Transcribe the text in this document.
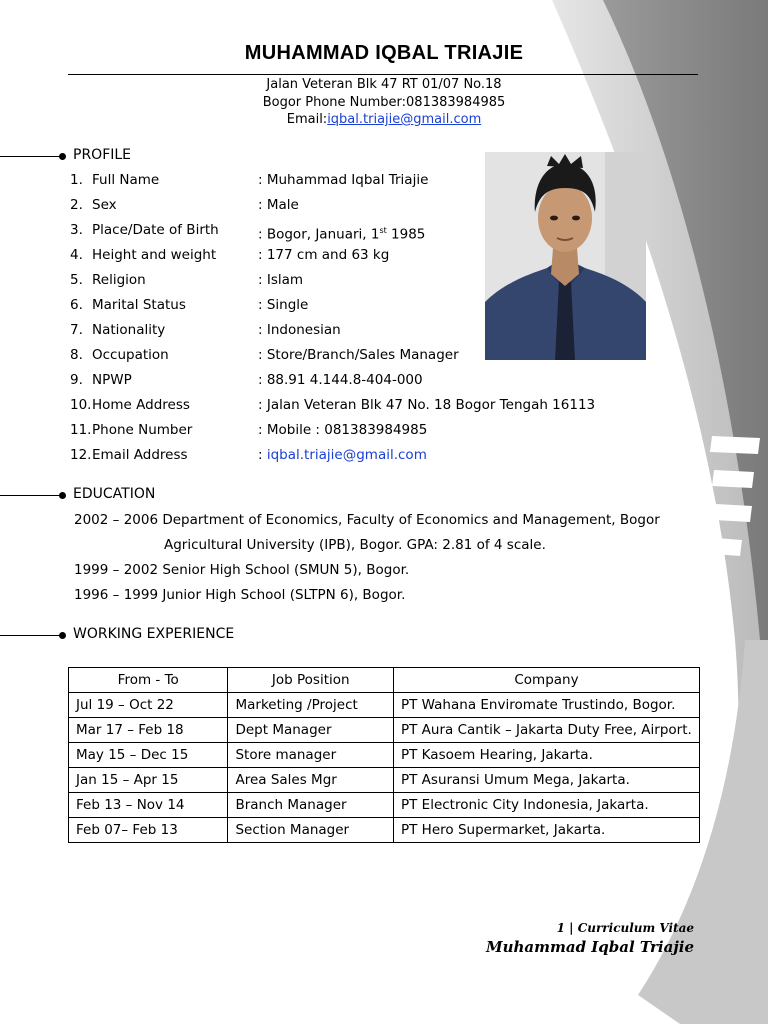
MUHAMMAD IQBAL TRIAJIE
Jalan Veteran Blk 47 RT 01/07 No.18
Bogor Phone Number:081383984985
Email:iqbal.triajie@gmail.com
PROFILE
1. Full Name	: Muhammad Iqbal Triajie
2. Sex	: Male
3. Place/Date of Birth	: Bogor, Januari, 1st 1985
4. Height and weight	: 177 cm and 63 kg
5. Religion	: Islam
6. Marital Status	: Single
7. Nationality	: Indonesian
8. Occupation	: Store/Branch/Sales Manager
9. NPWP	: 88.91 4.144.8-404-000
10. Home Address	: Jalan Veteran Blk 47 No. 18 Bogor Tengah 16113
11. Phone Number	: Mobile : 081383984985
12. Email Address	: iqbal.triajie@gmail.com
EDUCATION
2002 – 2006 Department of Economics, Faculty of Economics and Management, Bogor
Agricultural University (IPB), Bogor. GPA: 2.81 of 4 scale.
1999 – 2002 Senior High School (SMUN 5), Bogor.
1996 – 1999 Junior High School (SLTPN 6), Bogor.
WORKING EXPERIENCE
From - To	Job Position	Company
Jul 19 – Oct 22	Marketing /Project	PT Wahana Enviromate Trustindo, Bogor.
Mar 17 – Feb 18	Dept Manager	PT Aura Cantik – Jakarta Duty Free, Airport.
May 15 – Dec 15	Store manager	PT Kasoem Hearing, Jakarta.
Jan 15 – Apr 15	Area Sales Mgr	PT Asuransi Umum Mega, Jakarta.
Feb 13 – Nov 14	Branch Manager	PT Electronic City Indonesia, Jakarta.
Feb 07– Feb 13	Section Manager	PT Hero Supermarket, Jakarta.
1 | Curriculum Vitae
Muhammad Iqbal Triajie
